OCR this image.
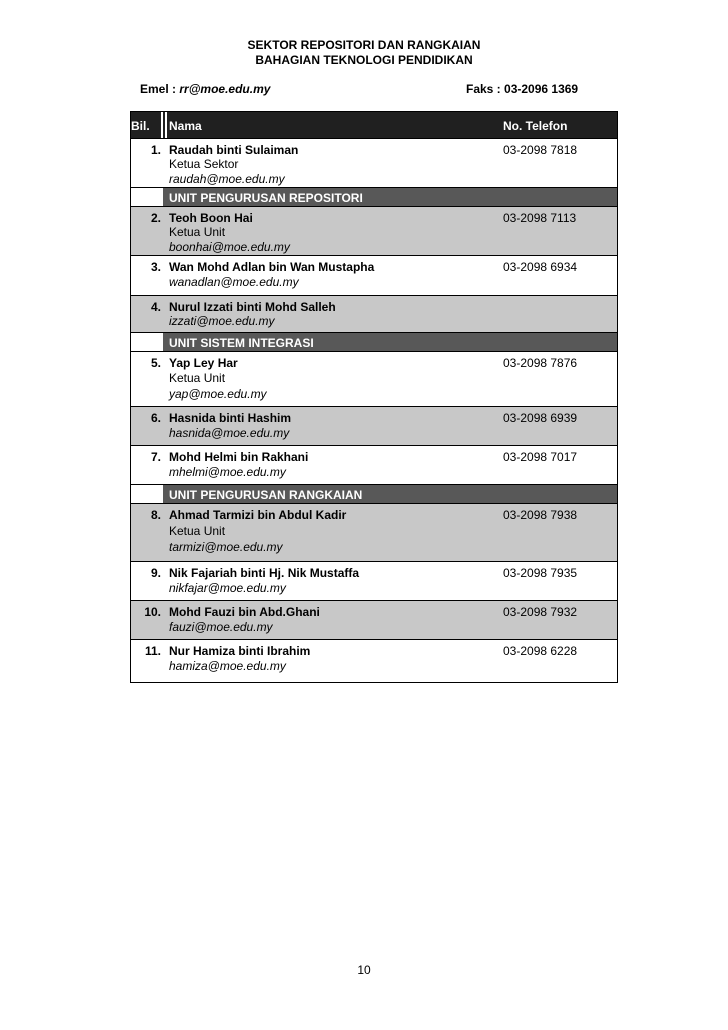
SEKTOR REPOSITORI DAN RANGKAIAN
BAHAGIAN TEKNOLOGI PENDIDIKAN
Emel : rr@moe.edu.my	Faks : 03-2096 1369
Bil.	Nama	No. Telefon
1. Raudah binti Sulaiman	03-2098 7818
Ketua Sektor
raudah@moe.edu.my
UNIT PENGURUSAN REPOSITORI
2. Teoh Boon Hai	03-2098 7113
Ketua Unit
boonhai@moe.edu.my
3. Wan Mohd Adlan bin Wan Mustapha	03-2098 6934
wanadlan@moe.edu.my
4. Nurul Izzati binti Mohd Salleh
izzati@moe.edu.my
UNIT SISTEM INTEGRASI
5. Yap Ley Har	03-2098 7876
Ketua Unit
yap@moe.edu.my
6. Hasnida binti Hashim	03-2098 6939
hasnida@moe.edu.my
7. Mohd Helmi bin Rakhani	03-2098 7017
mhelmi@moe.edu.my
UNIT PENGURUSAN RANGKAIAN
8. Ahmad Tarmizi bin Abdul Kadir	03-2098 7938
Ketua Unit
tarmizi@moe.edu.my
9. Nik Fajariah binti Hj. Nik Mustaffa	03-2098 7935
nikfajar@moe.edu.my
10. Mohd Fauzi bin Abd.Ghani	03-2098 7932
fauzi@moe.edu.my
11. Nur Hamiza binti Ibrahim	03-2098 6228
hamiza@moe.edu.my
10
